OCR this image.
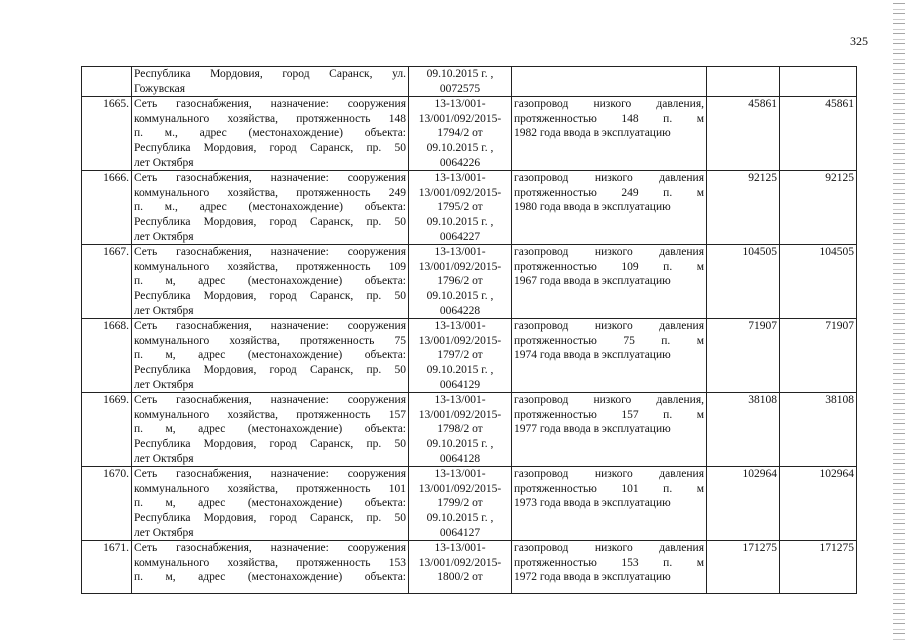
325

	Республика Мордовия, город Саранск, ул.
Гожувская	09.10.2015 г. ,
0072575			

1665.	Сеть газоснабжения, назначение: сооружения
коммунального хозяйства, протяженность 148
п. м., адрес (местонахождение) объекта:
Республика Мордовия, город Саранск, пр. 50
лет Октября	13-13/001-
13/001/092/2015-
1794/2 от
09.10.2015 г. ,
0064226	газопровод низкого давления,
протяженностью 148 п. м
1982 года ввода в эксплуатацию	45861	45861
1666.	Сеть газоснабжения, назначение: сооружения
коммунального хозяйства, протяженность 249
п. м., адрес (местонахождение) объекта:
Республика Мордовия, город Саранск, пр. 50
лет Октября	13-13/001-
13/001/092/2015-
1795/2 от
09.10.2015 г. ,
0064227	газопровод низкого давления
протяженностью 249 п. м
1980 года ввода в эксплуатацию	92125	92125
1667.	Сеть газоснабжения, назначение: сооружения
коммунального хозяйства, протяженность 109
п. м, адрес (местонахождение) объекта:
Республика Мордовия, город Саранск, пр. 50
лет Октября	13-13/001-
13/001/092/2015-
1796/2 от
09.10.2015 г. ,
0064228	газопровод низкого давления
протяженностью 109 п. м
1967 года ввода в эксплуатацию	104505	104505
1668.	Сеть газоснабжения, назначение: сооружения
коммунального хозяйства, протяженность 75
п. м, адрес (местонахождение) объекта:
Республика Мордовия, город Саранск, пр. 50
лет Октября	13-13/001-
13/001/092/2015-
1797/2 от
09.10.2015 г. ,
0064129	газопровод низкого давления
протяженностью 75 п. м
1974 года ввода в эксплуатацию	71907	71907
1669.	Сеть газоснабжения, назначение: сооружения
коммунального хозяйства, протяженность 157
п. м, адрес (местонахождение) объекта:
Республика Мордовия, город Саранск, пр. 50
лет Октября	13-13/001-
13/001/092/2015-
1798/2 от
09.10.2015 г. ,
0064128	газопровод низкого давления,
протяженностью 157 п. м
1977 года ввода в эксплуатацию	38108	38108
1670.	Сеть газоснабжения, назначение: сооружения
коммунального хозяйства, протяженность 101
п. м, адрес (местонахождение) объекта:
Республика Мордовия, город Саранск, пр. 50
лет Октября	13-13/001-
13/001/092/2015-
1799/2 от
09.10.2015 г. ,
0064127	газопровод низкого давления
протяженностью 101 п. м
1973 года ввода в эксплуатацию	102964	102964
1671.	Сеть газоснабжения, назначение: сооружения
коммунального хозяйства, протяженность 153
п. м, адрес (местонахождение) объекта:	13-13/001-
13/001/092/2015-
1800/2 от	газопровод низкого давления
протяженностью 153 п. м
1972 года ввода в эксплуатацию	171275	171275
